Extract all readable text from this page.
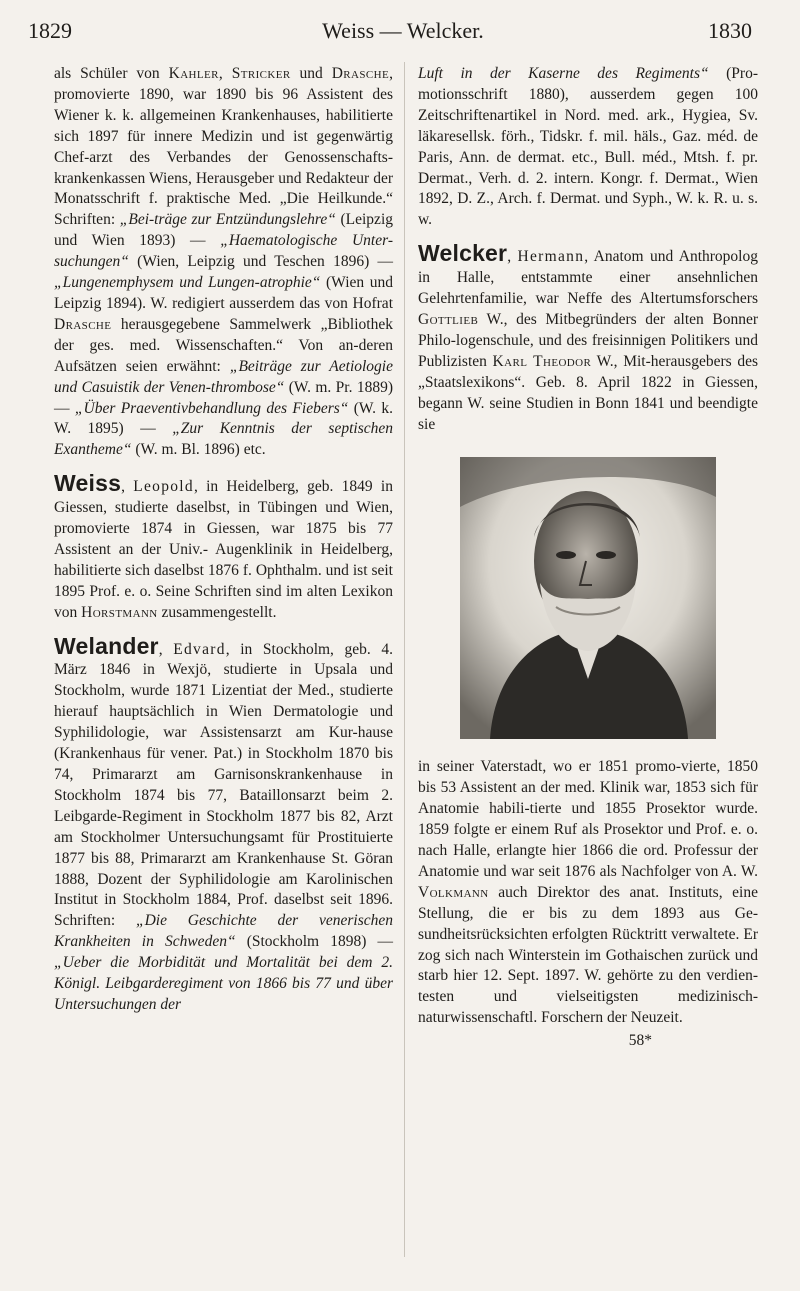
1829	Weiss — Welcker.	1830

als Schüler von Kahler, Stricker und Drasche, promovierte 1890, war 1890 bis 96 Assistent des Wiener k. k. allgemeinen Krankenhauses, habilitierte sich 1897 für innere Medizin und ist gegenwärtig Chef-arzt des Verbandes der Genossenschafts-krankenkassen Wiens, Herausgeber und Redakteur der Monatsschrift f. praktische Med. „Die Heilkunde.“ Schriften: „Bei-träge zur Entzündungslehre“ (Leipzig und Wien 1893) — „Haematologische Unter-suchungen“ (Wien, Leipzig und Teschen 1896) — „Lungenemphysem und Lungen-atrophie“ (Wien und Leipzig 1894). W. redigiert ausserdem das von Hofrat Drasche herausgegebene Sammelwerk „Bibliothek der ges. med. Wissenschaften.“ Von an-deren Aufsätzen seien erwähnt: „Beiträge zur Aetiologie und Casuistik der Venen-thrombose“ (W. m. Pr. 1889) — „Über Praeventivbehandlung des Fiebers“ (W. k. W. 1895) — „Zur Kenntnis der septischen Exantheme“ (W. m. Bl. 1896) etc.

Weiss, Leopold, in Heidelberg, geb. 1849 in Giessen, studierte daselbst, in Tübingen und Wien, promovierte 1874 in Giessen, war 1875 bis 77 Assistent an der Univ.- Augenklinik in Heidelberg, habilitierte sich daselbst 1876 f. Ophthalm. und ist seit 1895 Prof. e. o. Seine Schriften sind im alten Lexikon von Horstmann zusammengestellt.

Welander, Edvard, in Stockholm, geb. 4. März 1846 in Wexjö, studierte in Upsala und Stockholm, wurde 1871 Lizentiat der Med., studierte hierauf hauptsächlich in Wien Dermatologie und Syphilidologie, war Assistensarzt am Kur-hause (Krankenhaus für vener. Pat.) in Stockholm 1870 bis 74, Primararzt am Garnisonskrankenhause in Stockholm 1874 bis 77, Bataillonsarzt beim 2. Leibgarde-Regiment in Stockholm 1877 bis 82, Arzt am Stockholmer Untersuchungsamt für Prostituierte 1877 bis 88, Primararzt am Krankenhause St. Göran 1888, Dozent der Syphilidologie am Karolinischen Institut in Stockholm 1884, Prof. daselbst seit 1896. Schriften: „Die Geschichte der venerischen Krankheiten in Schweden“ (Stockholm 1898) — „Ueber die Morbidität und Mortalität bei dem 2. Königl. Leibgarderegiment von 1866 bis 77 und über Untersuchungen der

Luft in der Kaserne des Regiments“ (Pro-motionsschrift 1880), ausserdem gegen 100 Zeitschriftenartikel in Nord. med. ark., Hygiea, Sv. läkaresellsk. förh., Tidskr. f. mil. häls., Gaz. méd. de Paris, Ann. de dermat. etc., Bull. méd., Mtsh. f. pr. Dermat., Verh. d. 2. intern. Kongr. f. Dermat., Wien 1892, D. Z., Arch. f. Dermat. und Syph., W. k. R. u. s. w.

Welcker, Hermann, Anatom und Anthropolog in Halle, entstammte einer ansehnlichen Gelehrtenfamilie, war Neffe des Altertumsforschers Gottlieb W., des Mitbegründers der alten Bonner Philo-logenschule, und des freisinnigen Politikers und Publizisten Karl Theodor W., Mit-herausgebers des „Staatslexikons“. Geb. 8. April 1822 in Giessen, begann W. seine Studien in Bonn 1841 und beendigte sie

in seiner Vaterstadt, wo er 1851 promo-vierte, 1850 bis 53 Assistent an der med. Klinik war, 1853 sich für Anatomie habili-tierte und 1855 Prosektor wurde. 1859 folgte er einem Ruf als Prosektor und Prof. e. o. nach Halle, erlangte hier 1866 die ord. Professur der Anatomie und war seit 1876 als Nachfolger von A. W. Volkmann auch Direktor des anat. Instituts, eine Stellung, die er bis zu dem 1893 aus Ge-sundheitsrücksichten erfolgten Rücktritt verwaltete. Er zog sich nach Winterstein im Gothaischen zurück und starb hier 12. Sept. 1897. W. gehörte zu den verdien-testen und vielseitigsten medizinisch-naturwissenschaftl. Forschern der Neuzeit.

58*
